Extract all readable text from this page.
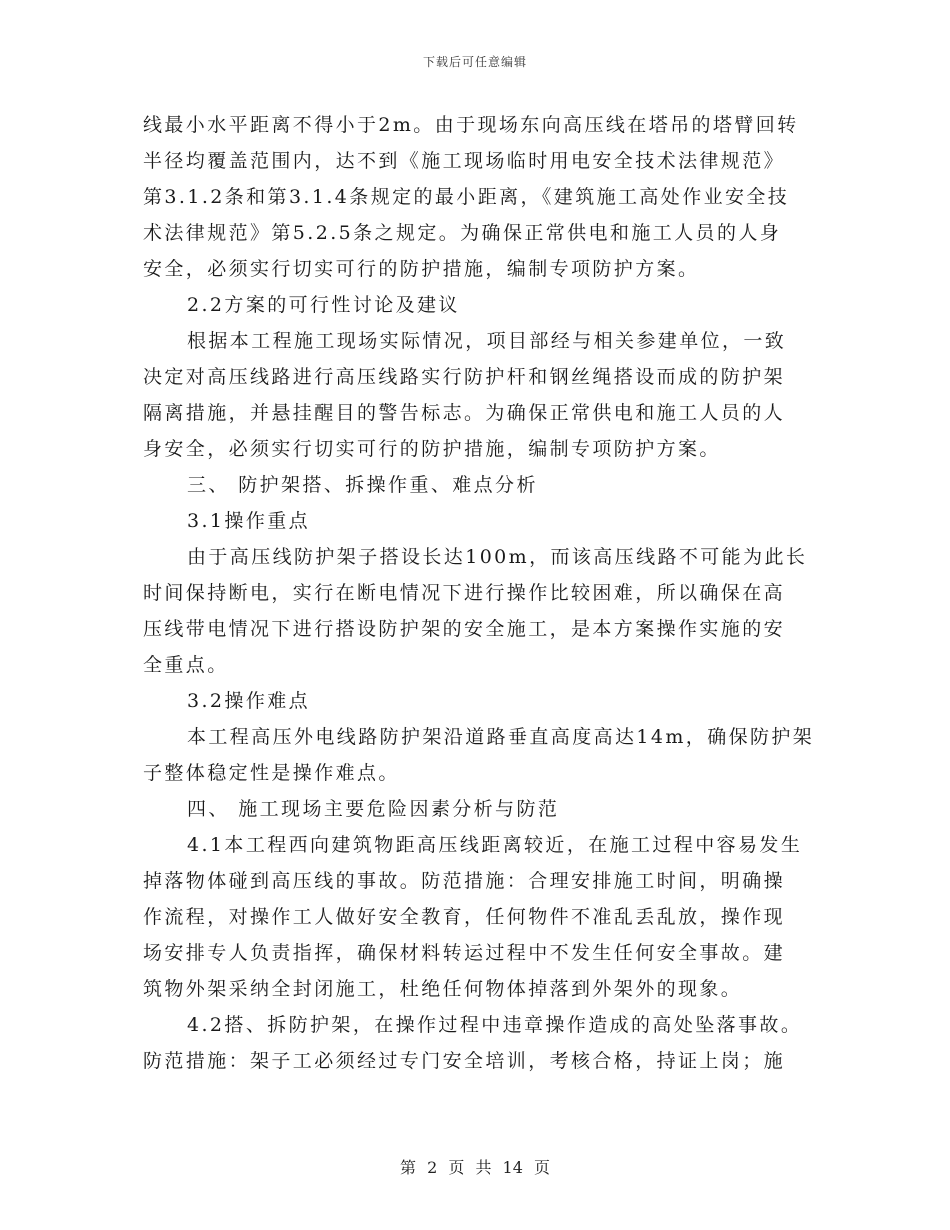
下载后可任意编辑
线最小水平距离不得小于2m。由于现场东向高压线在塔吊的塔臂回转
半径均覆盖范围内，达不到《施工现场临时用电安全技术法律规范》
第3.1.2条和第3.1.4条规定的最小距离，《建筑施工高处作业安全技
术法律规范》第5.2.5条之规定。为确保正常供电和施工人员的人身
安全，必须实行切实可行的防护措施，编制专项防护方案。
2.2方案的可行性讨论及建议
根据本工程施工现场实际情况，项目部经与相关参建单位，一致
决定对高压线路进行高压线路实行防护杆和钢丝绳搭设而成的防护架
隔离措施，并悬挂醒目的警告标志。为确保正常供电和施工人员的人
身安全，必须实行切实可行的防护措施，编制专项防护方案。
三、 防护架搭、拆操作重、难点分析
3.1操作重点
由于高压线防护架子搭设长达100m，而该高压线路不可能为此长
时间保持断电，实行在断电情况下进行操作比较困难，所以确保在高
压线带电情况下进行搭设防护架的安全施工，是本方案操作实施的安
全重点。
3.2操作难点
本工程高压外电线路防护架沿道路垂直高度高达14m，确保防护架
子整体稳定性是操作难点。
四、 施工现场主要危险因素分析与防范
4.1本工程西向建筑物距高压线距离较近，在施工过程中容易发生
掉落物体碰到高压线的事故。防范措施：合理安排施工时间，明确操
作流程，对操作工人做好安全教育，任何物件不准乱丢乱放，操作现
场安排专人负责指挥，确保材料转运过程中不发生任何安全事故。建
筑物外架采纳全封闭施工，杜绝任何物体掉落到外架外的现象。
4.2搭、拆防护架，在操作过程中违章操作造成的高处坠落事故。
防范措施：架子工必须经过专门安全培训，考核合格，持证上岗；施
第 2 页 共 14 页
